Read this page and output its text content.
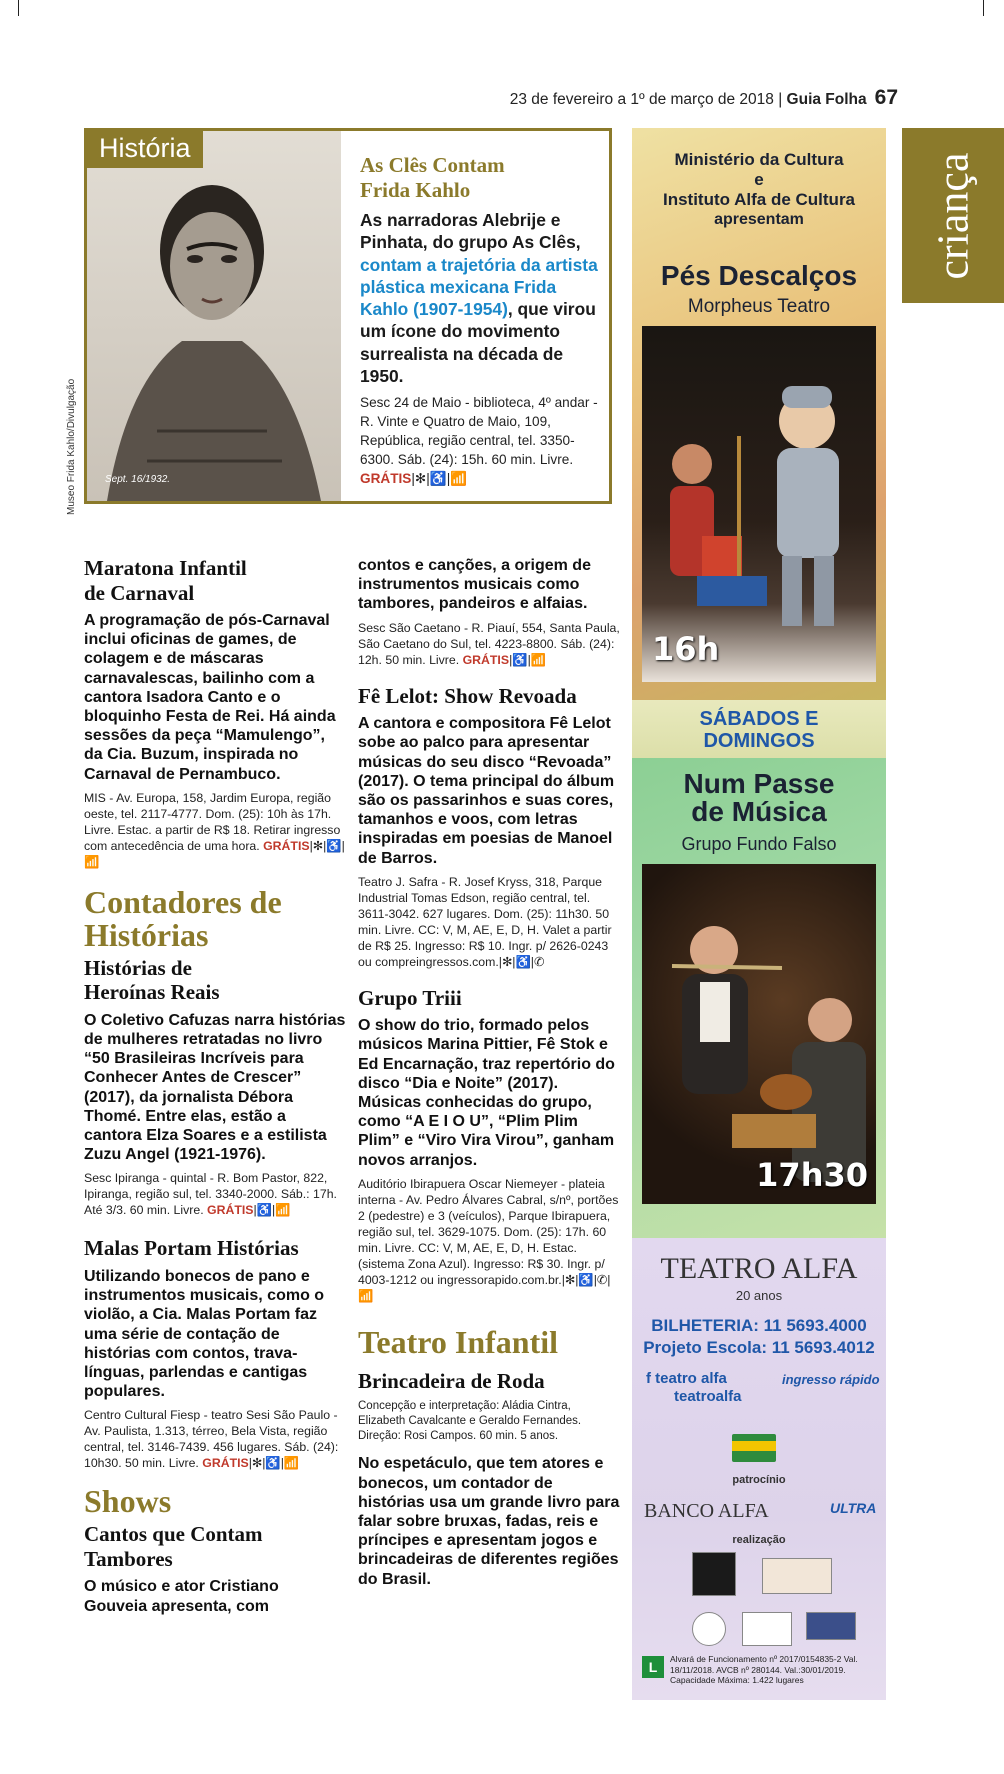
23 de fevereiro a 1º de março de 2018 | Guia Folha 67
criança
Museo Frida Kahlo/Divulgação
História
Sept. 16/1932.
As Clês Contam
Frida Kahlo
As narradoras Alebrije e Pinhata, do grupo As Clês, contam a trajetória da artista plástica mexicana Frida Kahlo (1907-1954), que virou um ícone do movimento surrealista na década de 1950.
Sesc 24 de Maio - biblioteca, 4º andar - R. Vinte e Quatro de Maio, 109, República, região central, tel. 3350-6300. Sáb. (24): 15h. 60 min. Livre. GRÁTIS|✻|♿|📶
Maratona Infantil
de Carnaval
A programação de pós-Carnaval inclui oficinas de games, de colagem e de máscaras carnavalescas, bailinho com a cantora Isadora Canto e o bloquinho Festa de Rei. Há ainda sessões da peça “Mamulengo”, da Cia. Buzum, inspirada no Carnaval de Pernambuco.
MIS - Av. Europa, 158, Jardim Europa, região oeste, tel. 2117-4777. Dom. (25): 10h às 17h. Livre. Estac. a partir de R$ 18. Retirar ingresso com antecedência de uma hora. GRÁTIS|✻|♿|📶
Contadores de
Histórias
Histórias de
Heroínas Reais
O Coletivo Cafuzas narra histórias de mulheres retratadas no livro “50 Brasileiras Incríveis para Conhecer Antes de Crescer” (2017), da jornalista Débora Thomé. Entre elas, estão a cantora Elza Soares e a estilista Zuzu Angel (1921-1976).
Sesc Ipiranga - quintal - R. Bom Pastor, 822, Ipiranga, região sul, tel. 3340-2000. Sáb.: 17h. Até 3/3. 60 min. Livre. GRÁTIS|♿|📶
Malas Portam Histórias
Utilizando bonecos de pano e instrumentos musicais, como o violão, a Cia. Malas Portam faz uma série de contação de histórias com contos, trava-línguas, parlendas e cantigas populares.
Centro Cultural Fiesp - teatro Sesi São Paulo - Av. Paulista, 1.313, térreo, Bela Vista, região central, tel. 3146-7439. 456 lugares. Sáb. (24): 10h30. 50 min. Livre. GRÁTIS|✻|♿|📶
Shows
Cantos que Contam
Tambores
O músico e ator Cristiano Gouveia apresenta, com
contos e canções, a origem de instrumentos musicais como tambores, pandeiros e alfaias.
Sesc São Caetano - R. Piauí, 554, Santa Paula, São Caetano do Sul, tel. 4223-8800. Sáb. (24): 12h. 50 min. Livre. GRÁTIS|♿|📶
Fê Lelot: Show Revoada
A cantora e compositora Fê Lelot sobe ao palco para apresentar músicas do seu disco “Revoada” (2017). O tema principal do álbum são os passarinhos e suas cores, tamanhos e voos, com letras inspiradas em poesias de Manoel de Barros.
Teatro J. Safra - R. Josef Kryss, 318, Parque Industrial Tomas Edson, região central, tel. 3611-3042. 627 lugares. Dom. (25): 11h30. 50 min. Livre. CC: V, M, AE, E, D, H. Valet a partir de R$ 25. Ingresso: R$ 10. Ingr. p/ 2626-0243 ou compreingressos.com.|✻|♿|✆
Grupo Triii
O show do trio, formado pelos músicos Marina Pittier, Fê Stok e Ed Encarnação, traz repertório do disco “Dia e Noite” (2017). Músicas conhecidas do grupo, como “A E I O U”, “Plim Plim Plim” e “Viro Vira Virou”, ganham novos arranjos.
Auditório Ibirapuera Oscar Niemeyer - plateia interna - Av. Pedro Álvares Cabral, s/nº, portões 2 (pedestre) e 3 (veículos), Parque Ibirapuera, região sul, tel. 3629-1075. Dom. (25): 17h. 60 min. Livre. CC: V, M, AE, E, D, H. Estac. (sistema Zona Azul). Ingresso: R$ 30. Ingr. p/ 4003-1212 ou ingressorapido.com.br.|✻|♿|✆|📶
Teatro Infantil
Brincadeira de Roda
Concepção e interpretação: Aládia Cintra, Elizabeth Cavalcante e Geraldo Fernandes. Direção: Rosi Campos. 60 min. 5 anos.
No espetáculo, que tem atores e bonecos, um contador de histórias usa um grande livro para falar sobre bruxas, fadas, reis e príncipes e apresentam jogos e brincadeiras de diferentes regiões do Brasil.
Ministério da Cultura
e
Instituto Alfa de Cultura
apresentam
Pés Descalços
Morpheus Teatro
16h
SÁBADOS E
DOMINGOS
Num Passe
de Música
Grupo Fundo Falso
17h30
TEATRO ALFA
20 anos
BILHETERIA: 11 5693.4000
Projeto Escola: 11 5693.4012
f teatro alfa
teatroalfa
ingresso rápido
patrocínio
BANCO ALFA	ULTRA
realização
L	Alvará de Funcionamento nº 2017/0154835-2 Val. 18/11/2018. AVCB nº 280144. Val.:30/01/2019. Capacidade Máxima: 1.422 lugares
